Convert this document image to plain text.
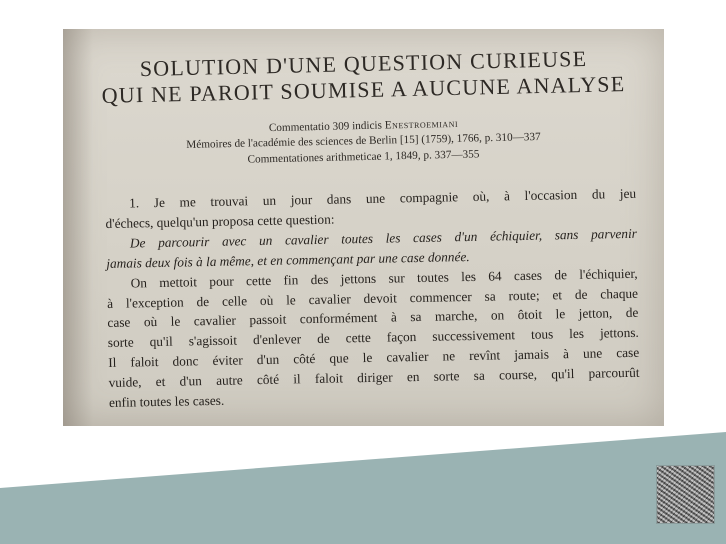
SOLUTION D'UNE QUESTION CURIEUSE
QUI NE PAROIT SOUMISE A AUCUNE ANALYSE
Commentatio 309 indicis Enestroemiani
Mémoires de l'académie des sciences de Berlin [15] (1759), 1766, p. 310—337
Commentationes arithmeticae 1, 1849, p. 337—355

1. Je me trouvai un jour dans une compagnie où, à l'occasion du jeu
d'échecs, quelqu'un proposa cette question:

De parcourir avec un cavalier toutes les cases d'un échiquier, sans parvenir
jamais deux fois à la même, et en commençant par une case donnée.

On mettoit pour cette fin des jettons sur toutes les 64 cases de l'échiquier,
à l'exception de celle où le cavalier devoit commencer sa route; et de chaque
case où le cavalier passoit conformément à sa marche, on ôtoit le jetton, de
sorte qu'il s'agissoit d'enlever de cette façon successivement tous les jettons.
Il faloit donc éviter d'un côté que le cavalier ne revînt jamais à une case
vuide, et d'un autre côté il faloit diriger en sorte sa course, qu'il parcourût
enfin toutes les cases.
